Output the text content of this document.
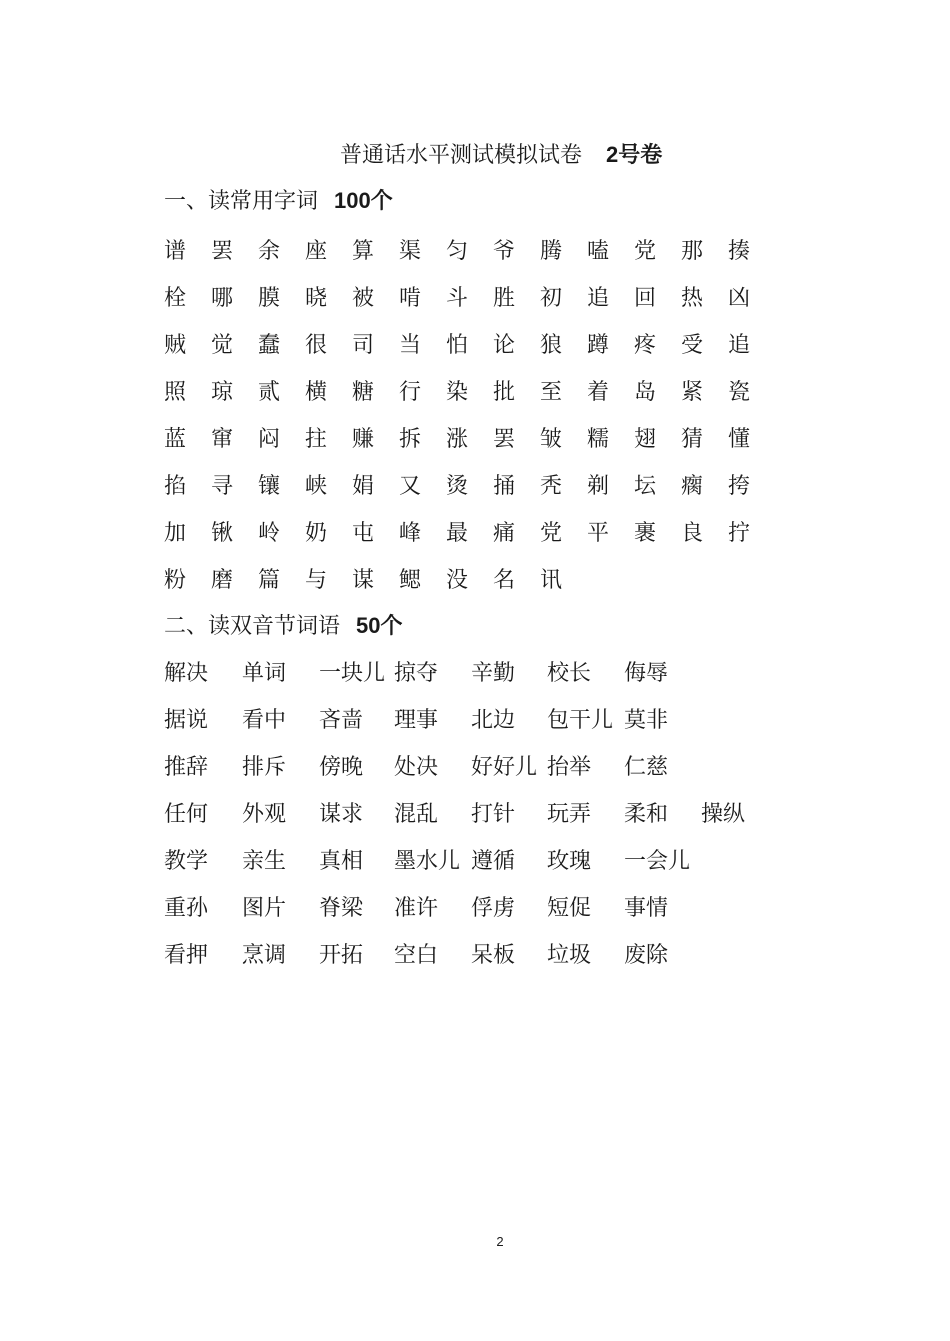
普通话水平测试模拟试卷 2号卷
一、读常用字词 100个
谱	罢	余	座	算	渠	匀	爷	腾	嗑	党	那	揍
栓	哪	膜	晓	被	啃	斗	胜	初	追	回	热	凶
贼	觉	蠢	很	司	当	怕	论	狼	蹲	疼	受	追
照	琼	贰	横	糖	行	染	批	至	着	岛	紧	瓷
蓝	窜	闷	拄	赚	拆	涨	罢	皱	糯	翅	猜	懂
掐	寻	镶	峡	娟	又	烫	捅	秃	剃	坛	瘸	挎
加	锹	岭	奶	屯	峰	最	痛	党	平	裹	良	拧
粉	磨	篇	与	谋	鳃	没	名	讯
二、读双音节词语 50个
解决 单词 一块儿 掠夺 辛勤 校长 侮辱
据说 看中 吝啬 理事 北边 包干儿 莫非
推辞 排斥 傍晚 处决 好好儿 抬举 仁慈
任何 外观 谋求 混乱 打针 玩弄 柔和 操纵
教学 亲生 真相 墨水儿 遵循 玫瑰 一会儿
重孙 图片 脊梁 准许 俘虏 短促 事情
看押 烹调 开拓 空白 呆板 垃圾 废除
2
